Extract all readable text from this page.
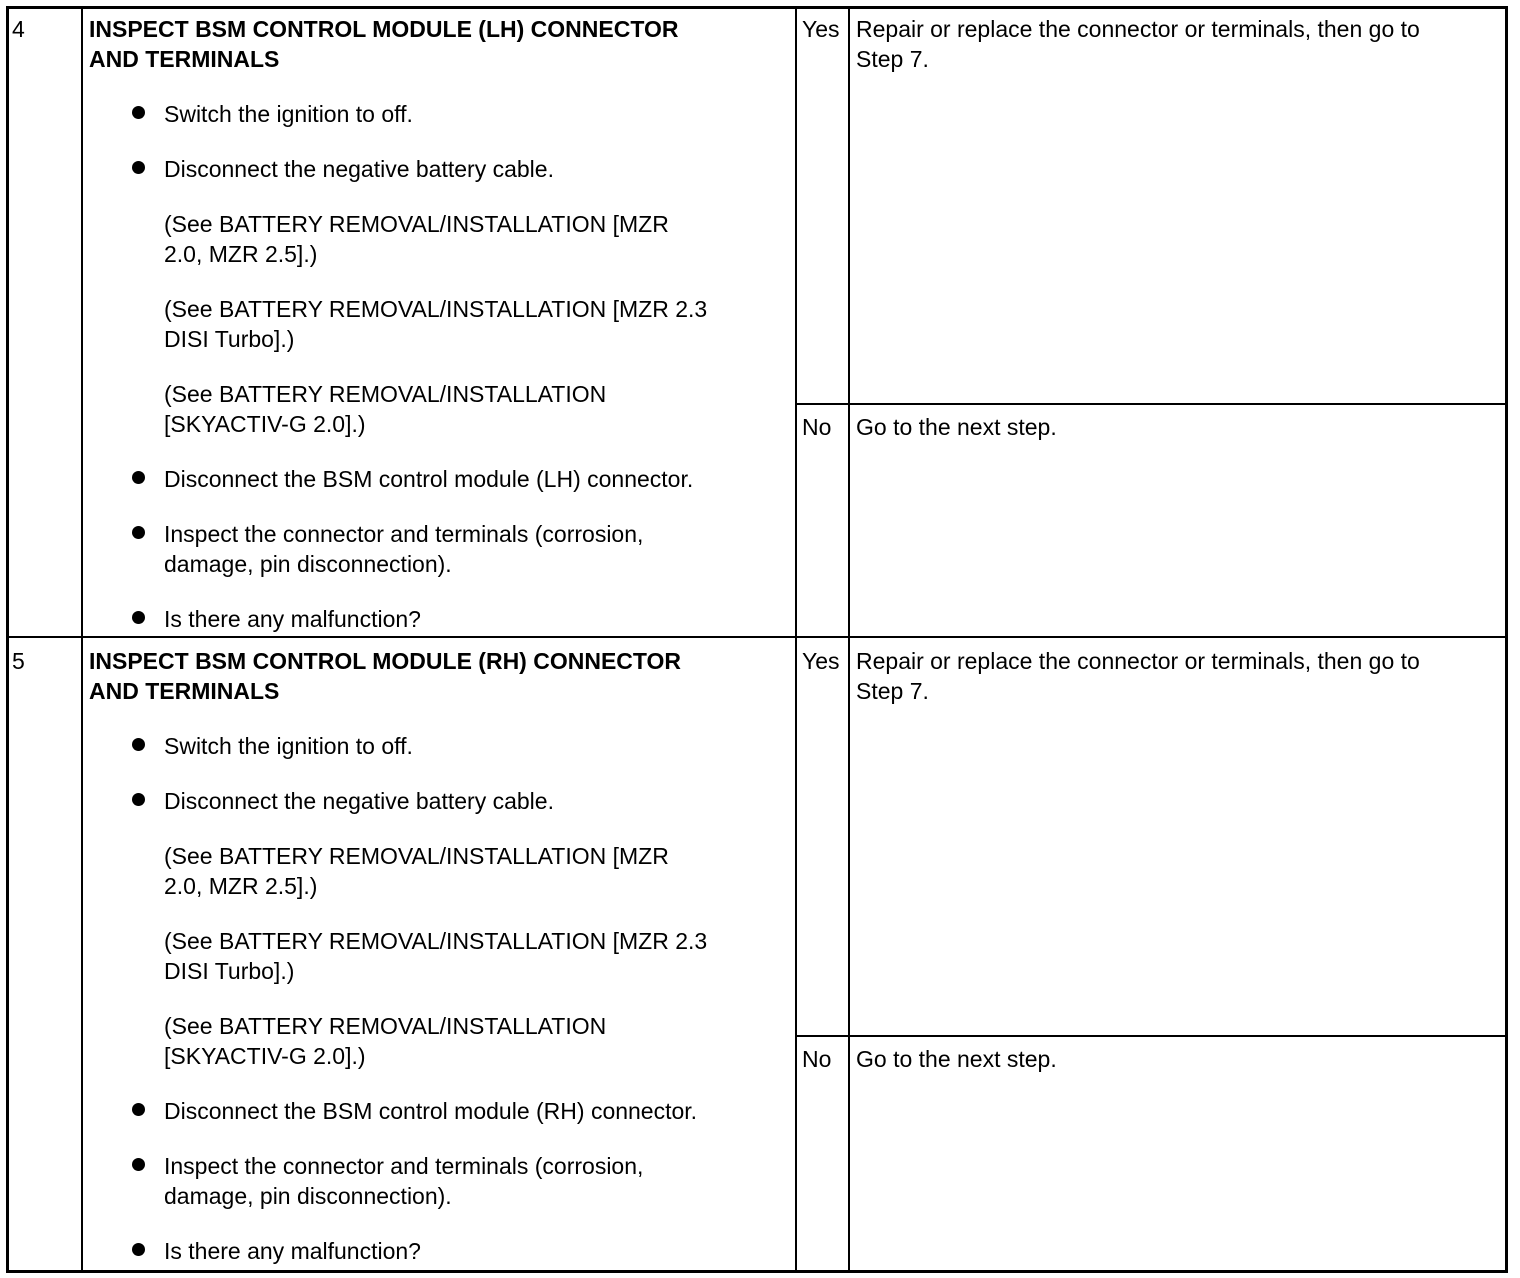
4	INSPECT BSM CONTROL MODULE (LH) CONNECTOR
AND TERMINALS
Switch the ignition to off.
Disconnect the negative battery cable.
(See BATTERY REMOVAL/INSTALLATION [MZR
2.0, MZR 2.5].)
(See BATTERY REMOVAL/INSTALLATION [MZR 2.3
DISI Turbo].)
(See BATTERY REMOVAL/INSTALLATION
[SKYACTIV-G 2.0].)
Disconnect the BSM control module (LH) connector.
Inspect the connector and terminals (corrosion,
damage, pin disconnection).
Is there any malfunction?
Yes Repair or replace the connector or terminals, then go to
Step 7.
No Go to the next step.
5	INSPECT BSM CONTROL MODULE (RH) CONNECTOR
AND TERMINALS
Switch the ignition to off.
Disconnect the negative battery cable.
(See BATTERY REMOVAL/INSTALLATION [MZR
2.0, MZR 2.5].)
(See BATTERY REMOVAL/INSTALLATION [MZR 2.3
DISI Turbo].)
(See BATTERY REMOVAL/INSTALLATION
[SKYACTIV-G 2.0].)
Disconnect the BSM control module (RH) connector.
Inspect the connector and terminals (corrosion,
damage, pin disconnection).
Is there any malfunction?
Yes Repair or replace the connector or terminals, then go to
Step 7.
No Go to the next step.
